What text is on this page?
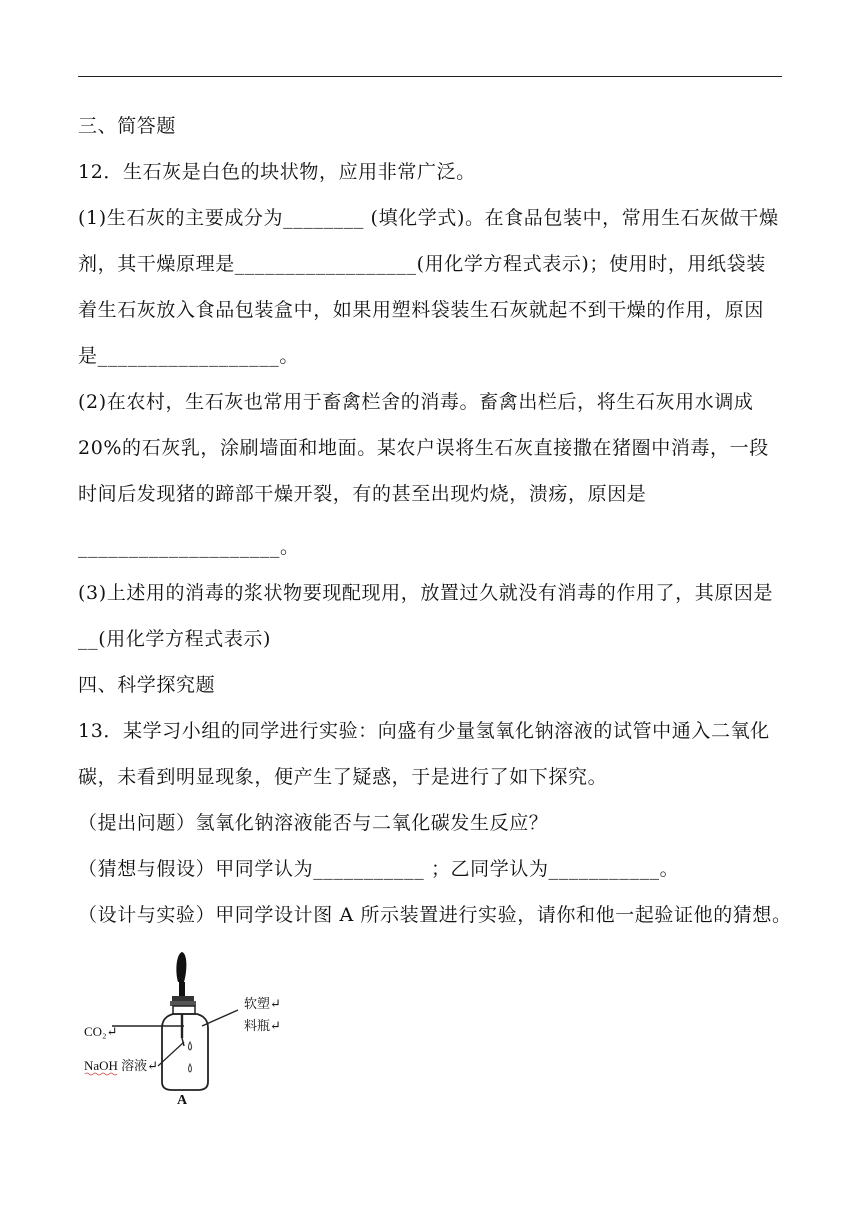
三、简答题
12．生石灰是白色的块状物，应用非常广泛。
(1)生石灰的主要成分为________ (填化学式)。在食品包装中，常用生石灰做干燥
剂，其干燥原理是__________________(用化学方程式表示)；使用时，用纸袋装
着生石灰放入食品包装盒中，如果用塑料袋装生石灰就起不到干燥的作用，原因
是__________________。
(2)在农村，生石灰也常用于畜禽栏舍的消毒。畜禽出栏后，将生石灰用水调成
20%的石灰乳，涂刷墙面和地面。某农户误将生石灰直接撒在猪圈中消毒，一段
时间后发现猪的蹄部干燥开裂，有的甚至出现灼烧，溃疡，原因是
____________________。
(3)上述用的消毒的浆状物要现配现用，放置过久就没有消毒的作用了，其原因是
__(用化学方程式表示)
四、科学探究题
13．某学习小组的同学进行实验：向盛有少量氢氧化钠溶液的试管中通入二氧化
碳，未看到明显现象，便产生了疑惑，于是进行了如下探究。
（提出问题）氢氧化钠溶液能否与二氧化碳发生反应？
（猜想与假设）甲同学认为___________ ；乙同学认为___________。
（设计与实验）甲同学设计图 A 所示装置进行实验，请你和他一起验证他的猜想。
CO₂↵
NaOH 溶液↵
软塑↵
料瓶↵
A
